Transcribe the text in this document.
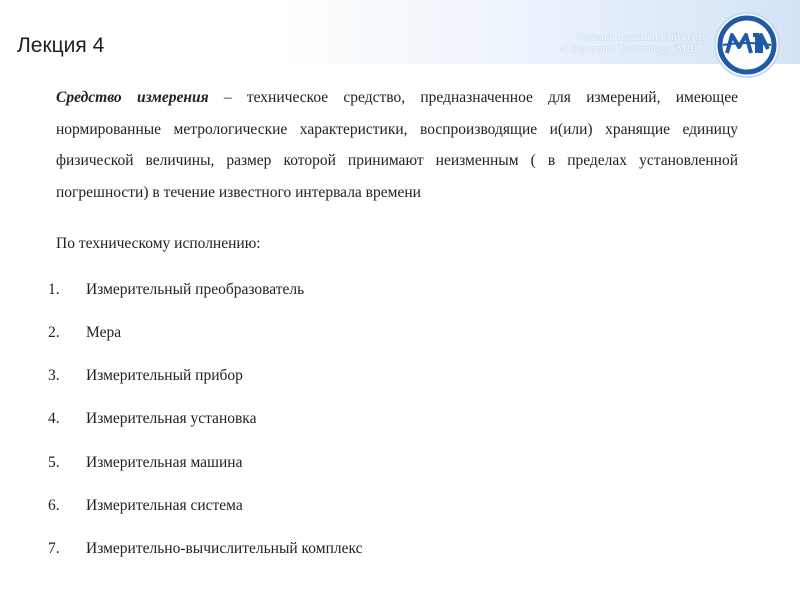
Лекция 4	National Research University
of Electronic Technology (MIET)
Средство измерения – техническое средство, предназначенное для измерений, имеющее нормированные метрологические характеристики, воспроизводящие и(или) хранящие единицу физической величины, размер которой принимают неизменным ( в пределах установленной погрешности) в течение известного интервала времени
По техническому исполнению:
1. Измерительный преобразователь
2. Мера
3. Измерительный прибор
4. Измерительная установка
5. Измерительная машина
6. Измерительная система
7. Измерительно-вычислительный комплекс
